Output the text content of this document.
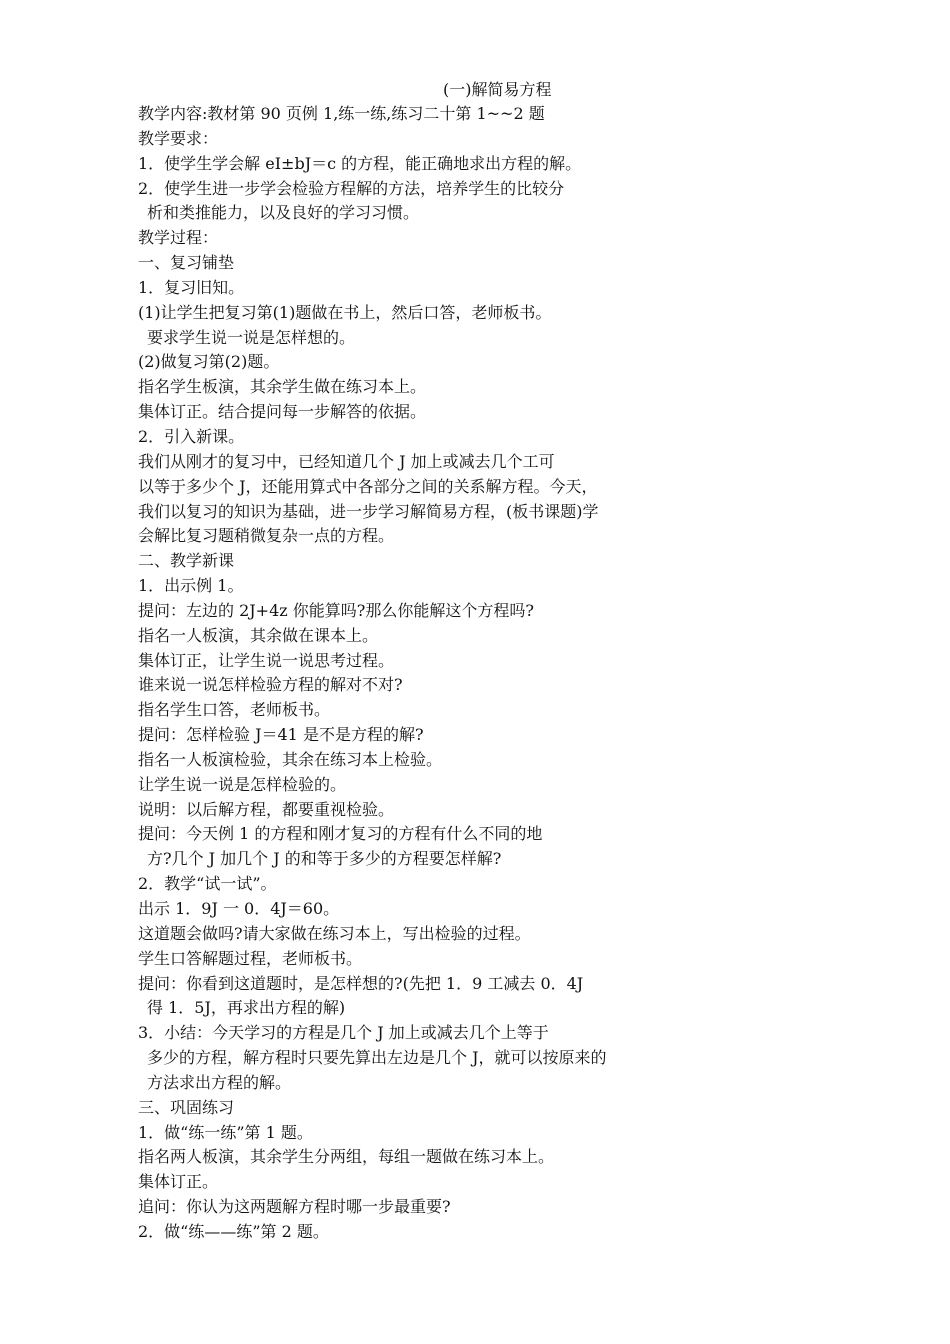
(一)解简易方程
教学内容:教材第 90 页例 1,练一练,练习二十第 1~~2 题
教学要求：
1．使学生学会解 eI±bJ＝c 的方程，能正确地求出方程的解。
2．使学生进一步学会检验方程解的方法，培养学生的比较分
析和类推能力，以及良好的学习习惯。
教学过程：
一、复习铺垫
1．复习旧知。
(1)让学生把复习第(1)题做在书上，然后口答，老师板书。
要求学生说一说是怎样想的。
(2)做复习第(2)题。
指名学生板演，其余学生做在练习本上。
集体订正。结合提问每一步解答的依据。
2．引入新课。
我们从刚才的复习中，已经知道几个 J 加上或减去几个工可
以等于多少个 J，还能用算式中各部分之间的关系解方程。今天，
我们以复习的知识为基础，进一步学习解简易方程，(板书课题)学
会解比复习题稍微复杂一点的方程。
二、教学新课
1．出示例 1。
提问：左边的 2J+4z 你能算吗?那么你能解这个方程吗?
指名一人板演，其余做在课本上。
集体订正，让学生说一说思考过程。
谁来说一说怎样检验方程的解对不对?
指名学生口答，老师板书。
提问：怎样检验 J＝41 是不是方程的解?
指名一人板演检验，其余在练习本上检验。
让学生说一说是怎样检验的。
说明：以后解方程，都要重视检验。
提问：今天例 1 的方程和刚才复习的方程有什么不同的地
方?几个 J 加几个 J 的和等于多少的方程要怎样解?
2．教学“试一试”。
出示 1．9J 一 0．4J＝60。
这道题会做吗?请大家做在练习本上，写出检验的过程。
学生口答解题过程，老师板书。
提问：你看到这道题时，是怎样想的?(先把 1．9 工减去 0．4J
得 1．5J，再求出方程的解)
3．小结：今天学习的方程是几个 J 加上或减去几个上等于
多少的方程，解方程时只要先算出左边是几个 J，就可以按原来的
方法求出方程的解。
三、巩固练习
1．做“练一练”第 1 题。
指名两人板演，其余学生分两组，每组一题做在练习本上。
集体订正。
追问：你认为这两题解方程时哪一步最重要?
2．做“练——练”第 2 题。
